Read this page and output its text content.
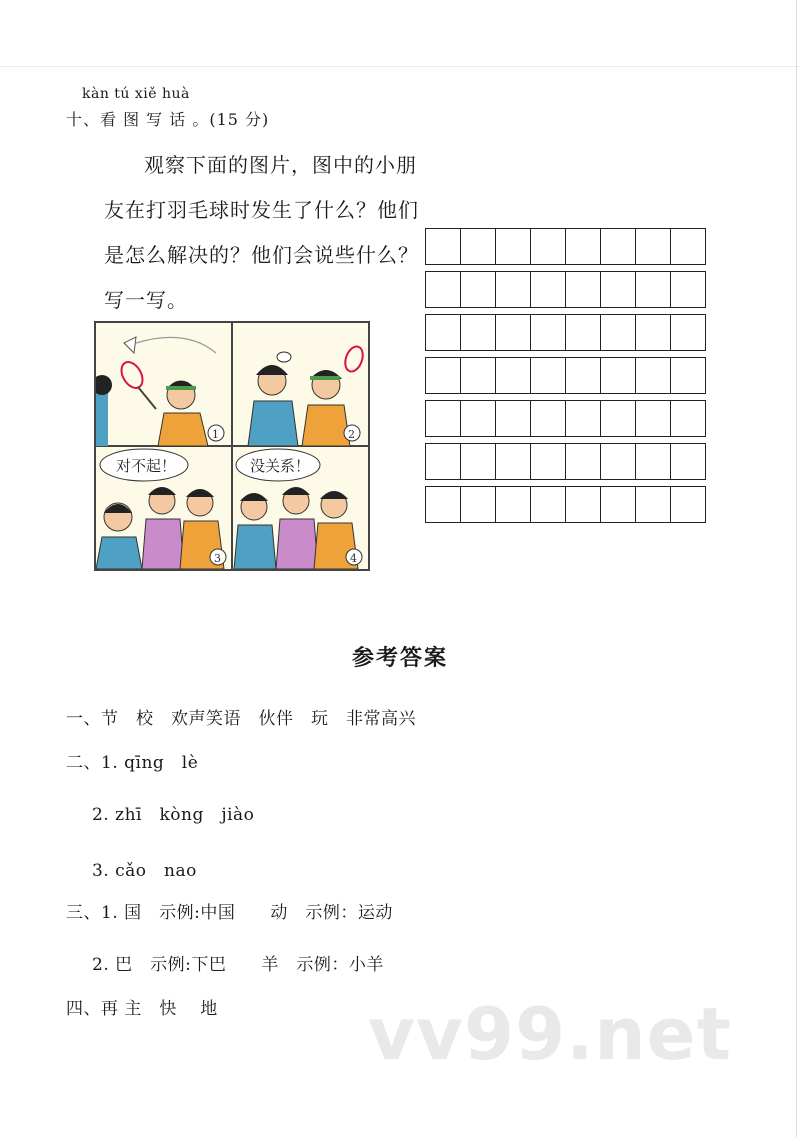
kàn tú xiě huà
十、看 图 写 话 。(15 分)
观察下面的图片，图中的小朋友在打羽毛球时发生了什么？他们是怎么解决的？他们会说些什么？写一写。
1	2
对不起！
3
没关系！
4
参考答案
一、节　校　欢声笑语　伙伴　玩　非常高兴
二、1. qīng　lè
2. zhī　kòng　jiào
3. cǎo　nao
三、1. 国　示例:中国　　动　示例：运动
2. 巴　示例:下巴　　羊　示例：小羊
四、再 主　快　 地 vv99.net
